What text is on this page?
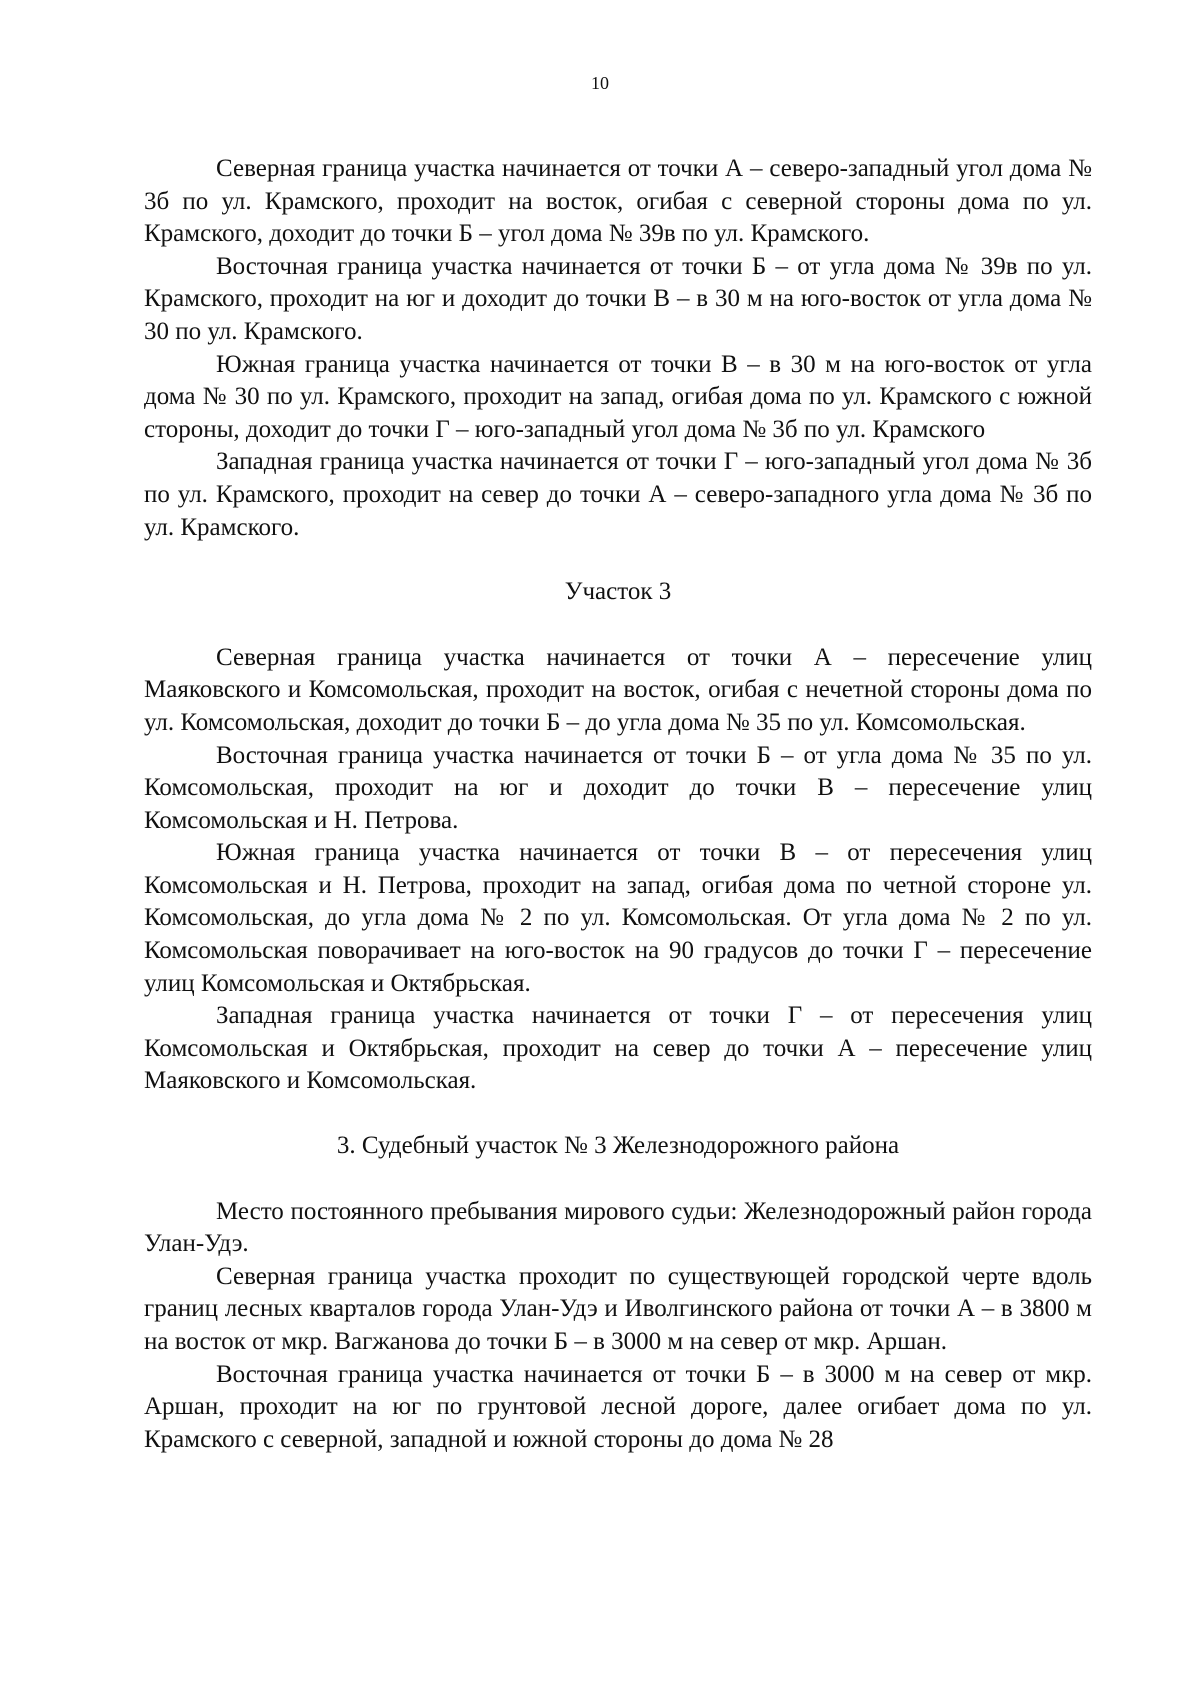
10

Северная граница участка начинается от точки А – северо-западный угол дома № 3б по ул. Крамского, проходит на восток, огибая с северной стороны дома по ул. Крамского, доходит до точки Б – угол дома № 39в по ул. Крамского.

Восточная граница участка начинается от точки Б – от угла дома № 39в по ул. Крамского, проходит на юг и доходит до точки В – в 30 м на юго-восток от угла дома № 30 по ул. Крамского.

Южная граница участка начинается от точки В – в 30 м на юго-восток от угла дома № 30 по ул. Крамского, проходит на запад, огибая дома по ул. Крамского с южной стороны, доходит до точки Г – юго-западный угол дома № 3б по ул. Крамского

Западная граница участка начинается от точки Г – юго-западный угол дома № 3б по ул. Крамского, проходит на север до точки А – северо-западного угла дома № 3б по ул. Крамского.

Участок 3

Северная граница участка начинается от точки А – пересечение улиц Маяковского и Комсомольская, проходит на восток, огибая с нечетной стороны дома по ул. Комсомольская, доходит до точки Б – до угла дома № 35 по ул. Комсомольская.

Восточная граница участка начинается от точки Б – от угла дома № 35 по ул. Комсомольская, проходит на юг и доходит до точки В – пересечение улиц Комсомольская и Н. Петрова.

Южная граница участка начинается от точки В – от пересечения улиц Комсомольская и Н. Петрова, проходит на запад, огибая дома по четной стороне ул. Комсомольская, до угла дома № 2 по ул. Комсомольская. От угла дома № 2 по ул. Комсомольская поворачивает на юго-восток на 90 градусов до точки Г – пересечение улиц Комсомольская и Октябрьская.

Западная граница участка начинается от точки Г – от пересечения улиц Комсомольская и Октябрьская, проходит на север до точки А – пересечение улиц Маяковского и Комсомольская.

3. Судебный участок № 3 Железнодорожного района

Место постоянного пребывания мирового судьи: Железнодорожный район города Улан-Удэ.

Северная граница участка проходит по существующей городской черте вдоль границ лесных кварталов города Улан-Удэ и Иволгинского района от точки А – в 3800 м на восток от мкр. Вагжанова до точки Б – в 3000 м на север от мкр. Аршан.

Восточная граница участка начинается от точки Б – в 3000 м на север от мкр. Аршан, проходит на юг по грунтовой лесной дороге, далее огибает дома по ул. Крамского с северной, западной и южной стороны до дома № 28
